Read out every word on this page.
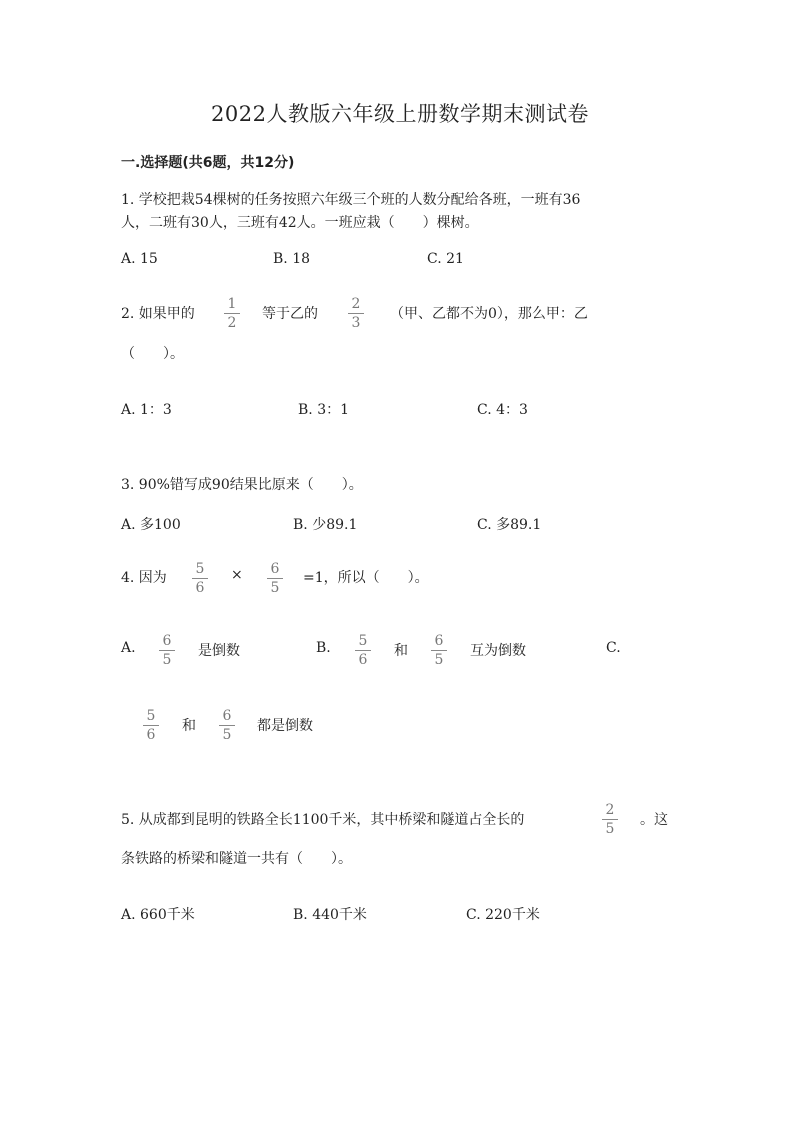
2022人教版六年级上册数学期末测试卷
一.选择题(共6题，共12分)
1. 学校把栽54棵树的任务按照六年级三个班的人数分配给各班，一班有36
人，二班有30人，三班有42人。一班应栽（　　）棵树。
A. 15	B. 18	C. 21
2. 如果甲的
1
2
等于乙的
2
3
（甲、乙都不为0），那么甲：乙
（　　）。
A. 1：3	B. 3：1	C. 4：3
3. 90%错写成90结果比原来（　　）。
A. 多100	B. 少89.1	C. 多89.1
4. 因为
5
6
×	6
5
=1，所以（　　）。
A.	6
5
是倒数	B.	5
6
和
6
5
互为倒数	C.
5
6
和
6
5
都是倒数
5. 从成都到昆明的铁路全长1100千米，其中桥梁和隧道占全长的
2
5
。这
条铁路的桥梁和隧道一共有（　　）。
A. 660千米	B. 440千米	C. 220千米
